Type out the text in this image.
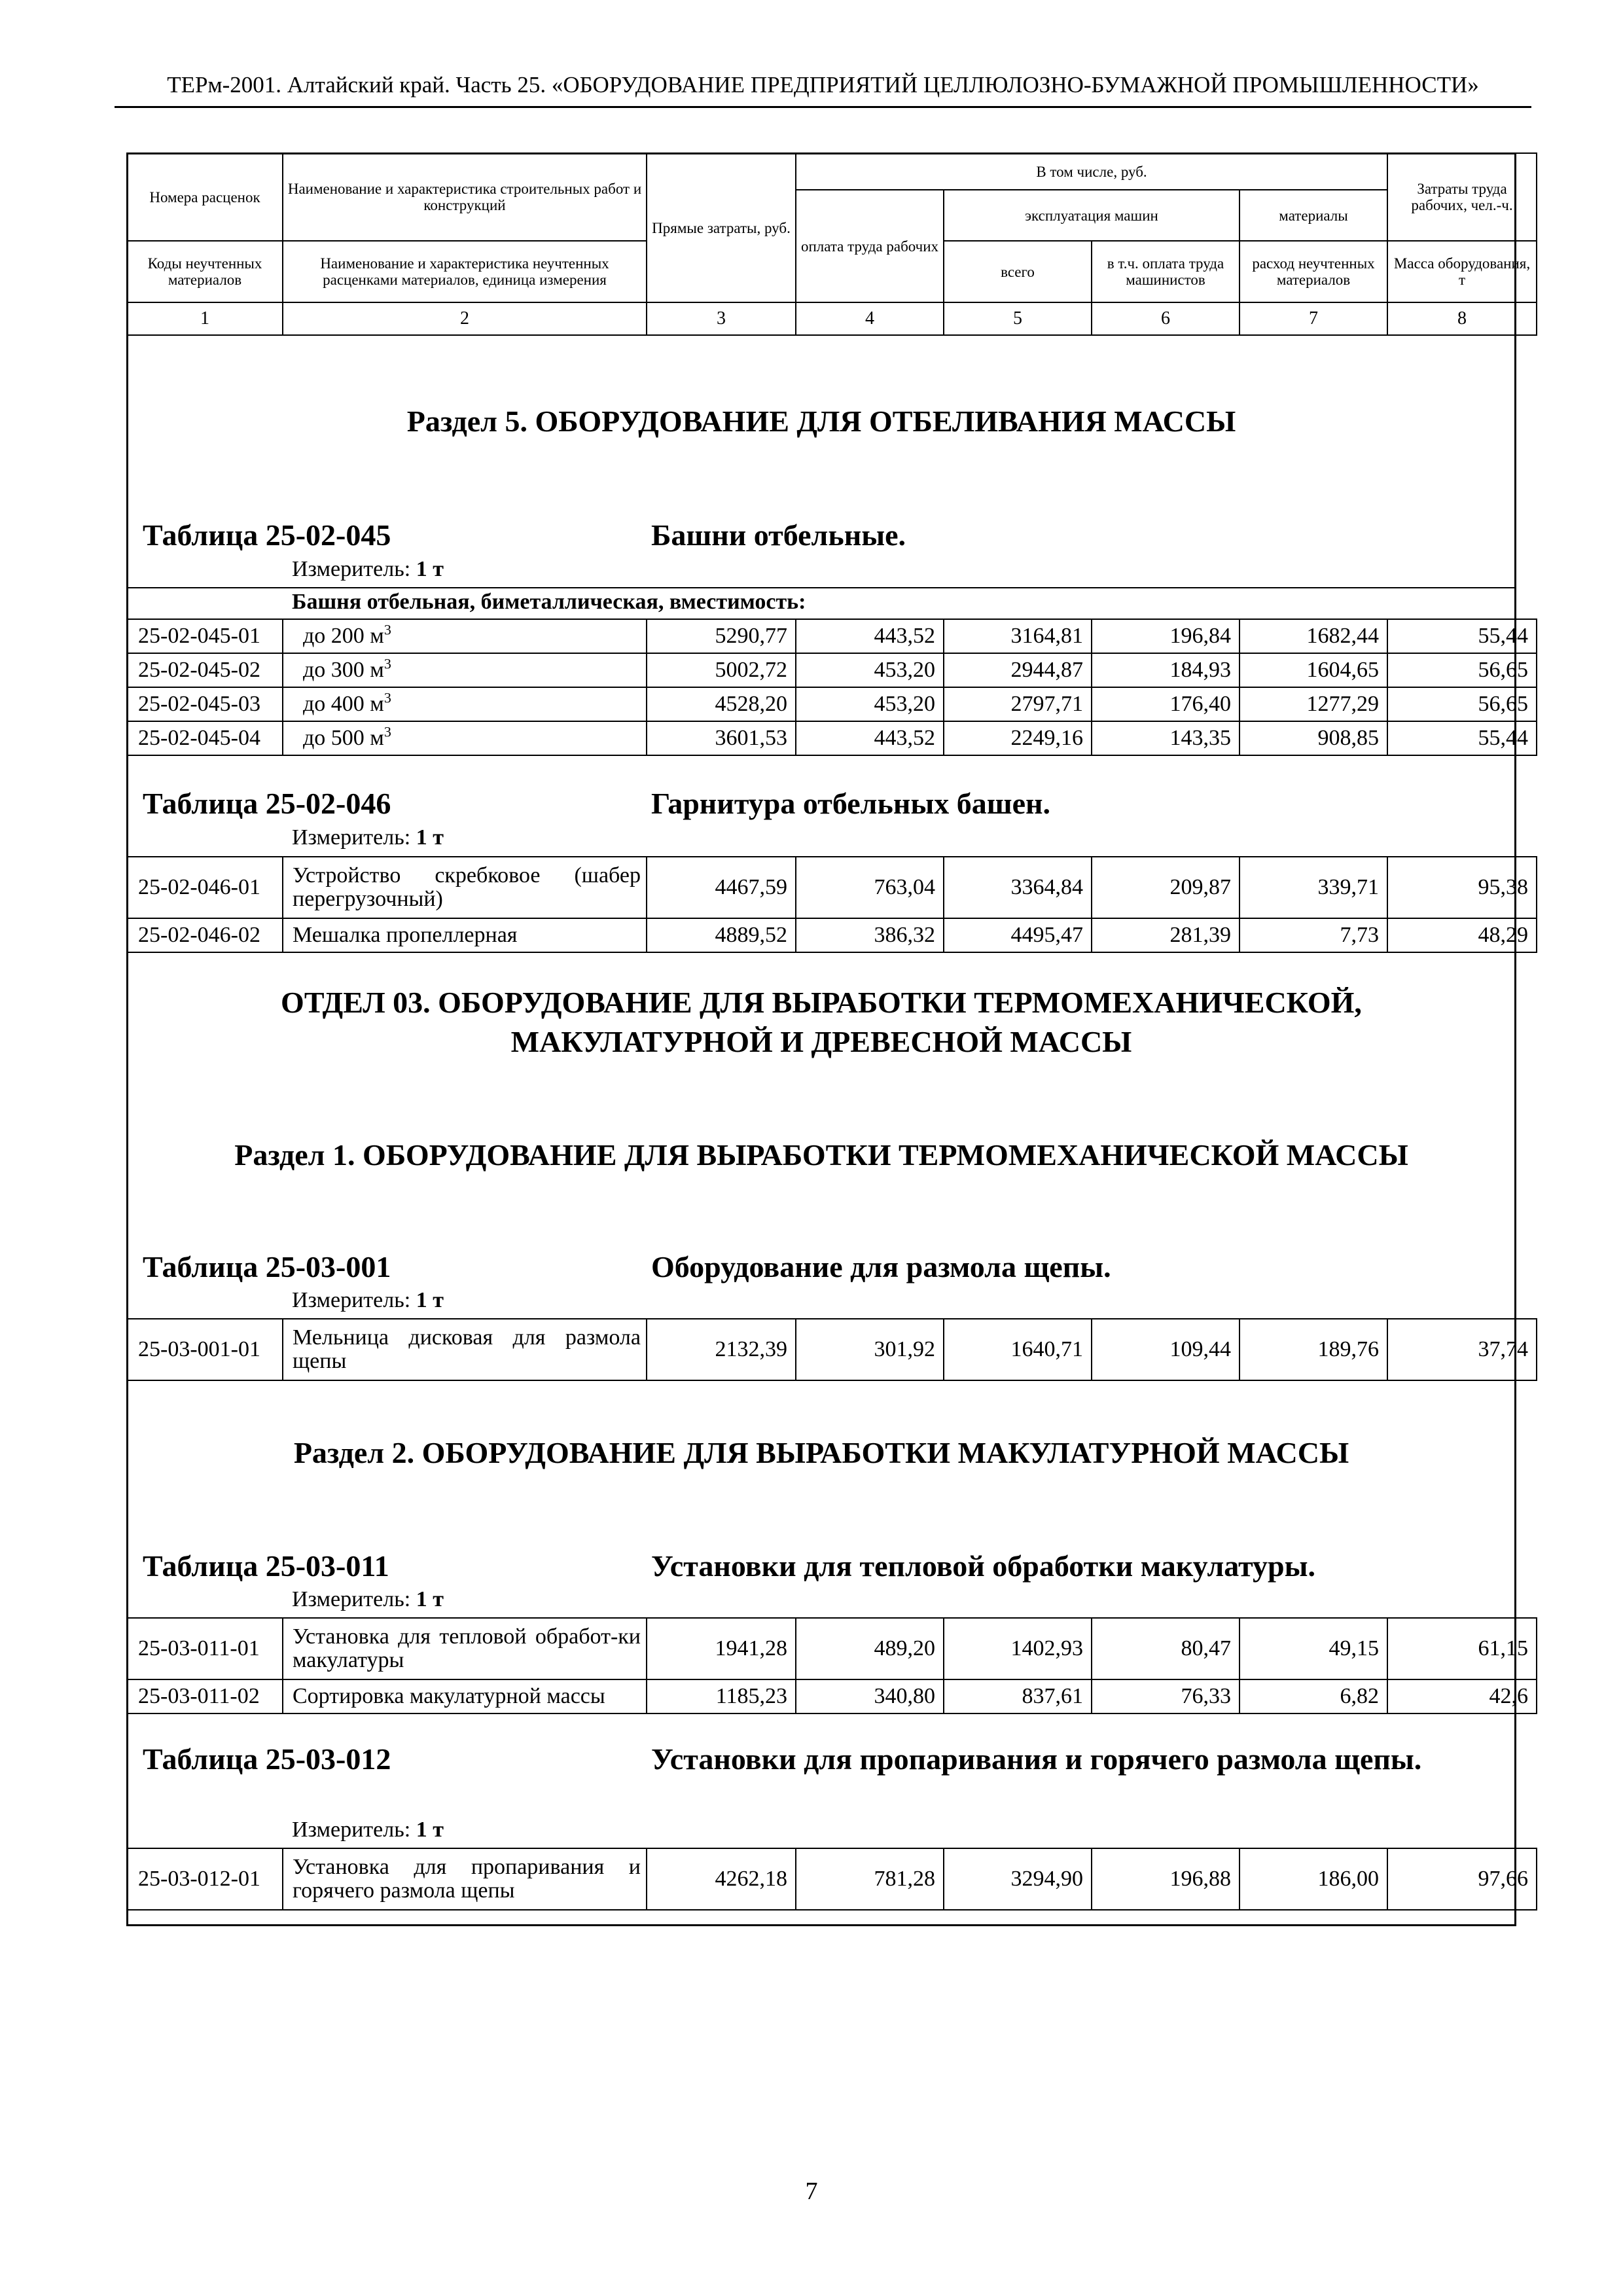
ТЕРм-2001. Алтайский край. Часть 25. «ОБОРУДОВАНИЕ ПРЕДПРИЯТИЙ ЦЕЛЛЮЛОЗНО-БУМАЖНОЙ ПРОМЫШЛЕННОСТИ»
Номера расценок	Наименование и характеристика строительных работ и конструкций	Прямые затраты, руб.	В том числе, руб.				Затраты труда рабочих, чел.-ч.
			оплата труда рабочих	эксплуатация машин		материалы	
Коды неучтенных материалов	Наименование и характеристика неучтенных расценками материалов, единица измерения			всего	в т.ч. оплата труда машинистов	расход неучтенных материалов	Масса оборудования, т
1	2	3	4	5	6	7	8
Раздел 5. ОБОРУДОВАНИЕ ДЛЯ ОТБЕЛИВАНИЯ МАССЫ
Таблица 25-02-045	Башни отбельные.
Измеритель: 1 т
Башня отбельная, биметаллическая, вместимость:
25-02-045-01	до 200 $м^3$	5290,77	443,52	3164,81	196,84	1682,44	55,44
25-02-045-02	до 300 $м^3$	5002,72	453,20	2944,87	184,93	1604,65	56,65
25-02-045-03	до 400 $м^3$	4528,20	453,20	2797,71	176,40	1277,29	56,65
25-02-045-04	до 500 $м^3$	3601,53	443,52	2249,16	143,35	908,85	55,44
Таблица 25-02-046	Гарнитура отбельных башен.
Измеритель: 1 т
25-02-046-01	Устройство скребковое (шабер перегрузочный)	4467,59	763,04	3364,84	209,87	339,71	95,38
25-02-046-02	Мешалка пропеллерная	4889,52	386,32	4495,47	281,39	7,73	48,29
ОТДЕЛ 03. ОБОРУДОВАНИЕ ДЛЯ ВЫРАБОТКИ ТЕРМОМЕХАНИЧЕСКОЙ,
МАКУЛАТУРНОЙ И ДРЕВЕСНОЙ МАССЫ
Раздел 1. ОБОРУДОВАНИЕ ДЛЯ ВЫРАБОТКИ ТЕРМОМЕХАНИЧЕСКОЙ МАССЫ
Таблица 25-03-001	Оборудование для размола щепы.
Измеритель: 1 т
25-03-001-01	Мельница дисковая для размола щепы	2132,39	301,92	1640,71	109,44	189,76	37,74
Раздел 2. ОБОРУДОВАНИЕ ДЛЯ ВЫРАБОТКИ МАКУЛАТУРНОЙ МАССЫ
Таблица 25-03-011	Установки для тепловой обработки макулатуры.
Измеритель: 1 т
25-03-011-01	Установка для тепловой обработ-ки макулатуры	1941,28	489,20	1402,93	80,47	49,15	61,15
25-03-011-02	Сортировка макулатурной массы	1185,23	340,80	837,61	76,33	6,82	42,6
Таблица 25-03-012	Установки для пропаривания и горячего размола щепы.
Измеритель: 1 т
25-03-012-01	Установка для пропаривания и горячего размола щепы	4262,18	781,28	3294,90	196,88	186,00	97,66
7
